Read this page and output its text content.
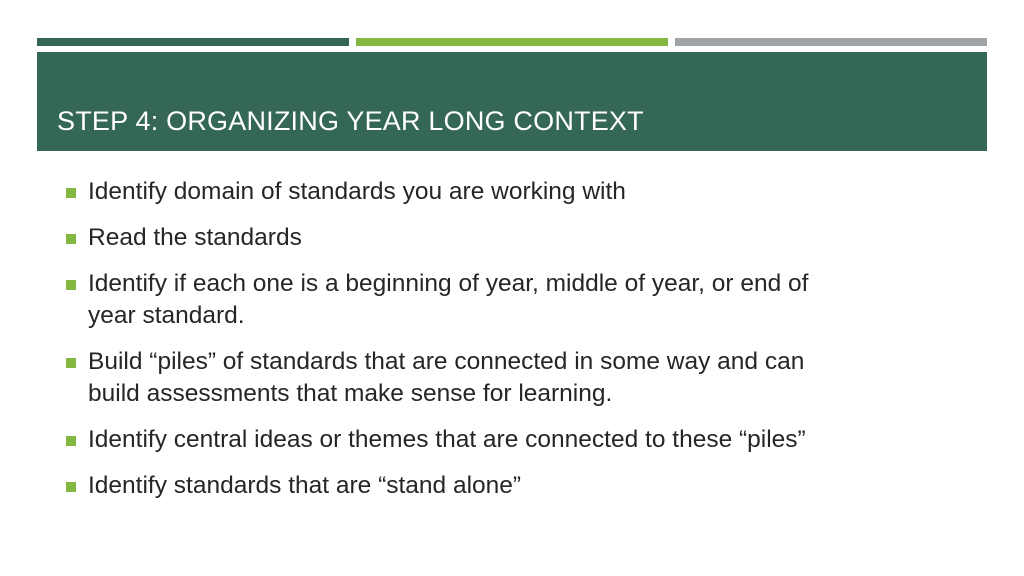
STEP 4: ORGANIZING YEAR LONG CONTEXT
Identify domain of standards you are working with
Read the standards
Identify if each one is a beginning of year, middle of year, or end of year standard.
Build “piles” of standards that are connected in some way and can build assessments that make sense for learning.
Identify central ideas or themes that are connected to these “piles”
Identify standards that are “stand alone”
